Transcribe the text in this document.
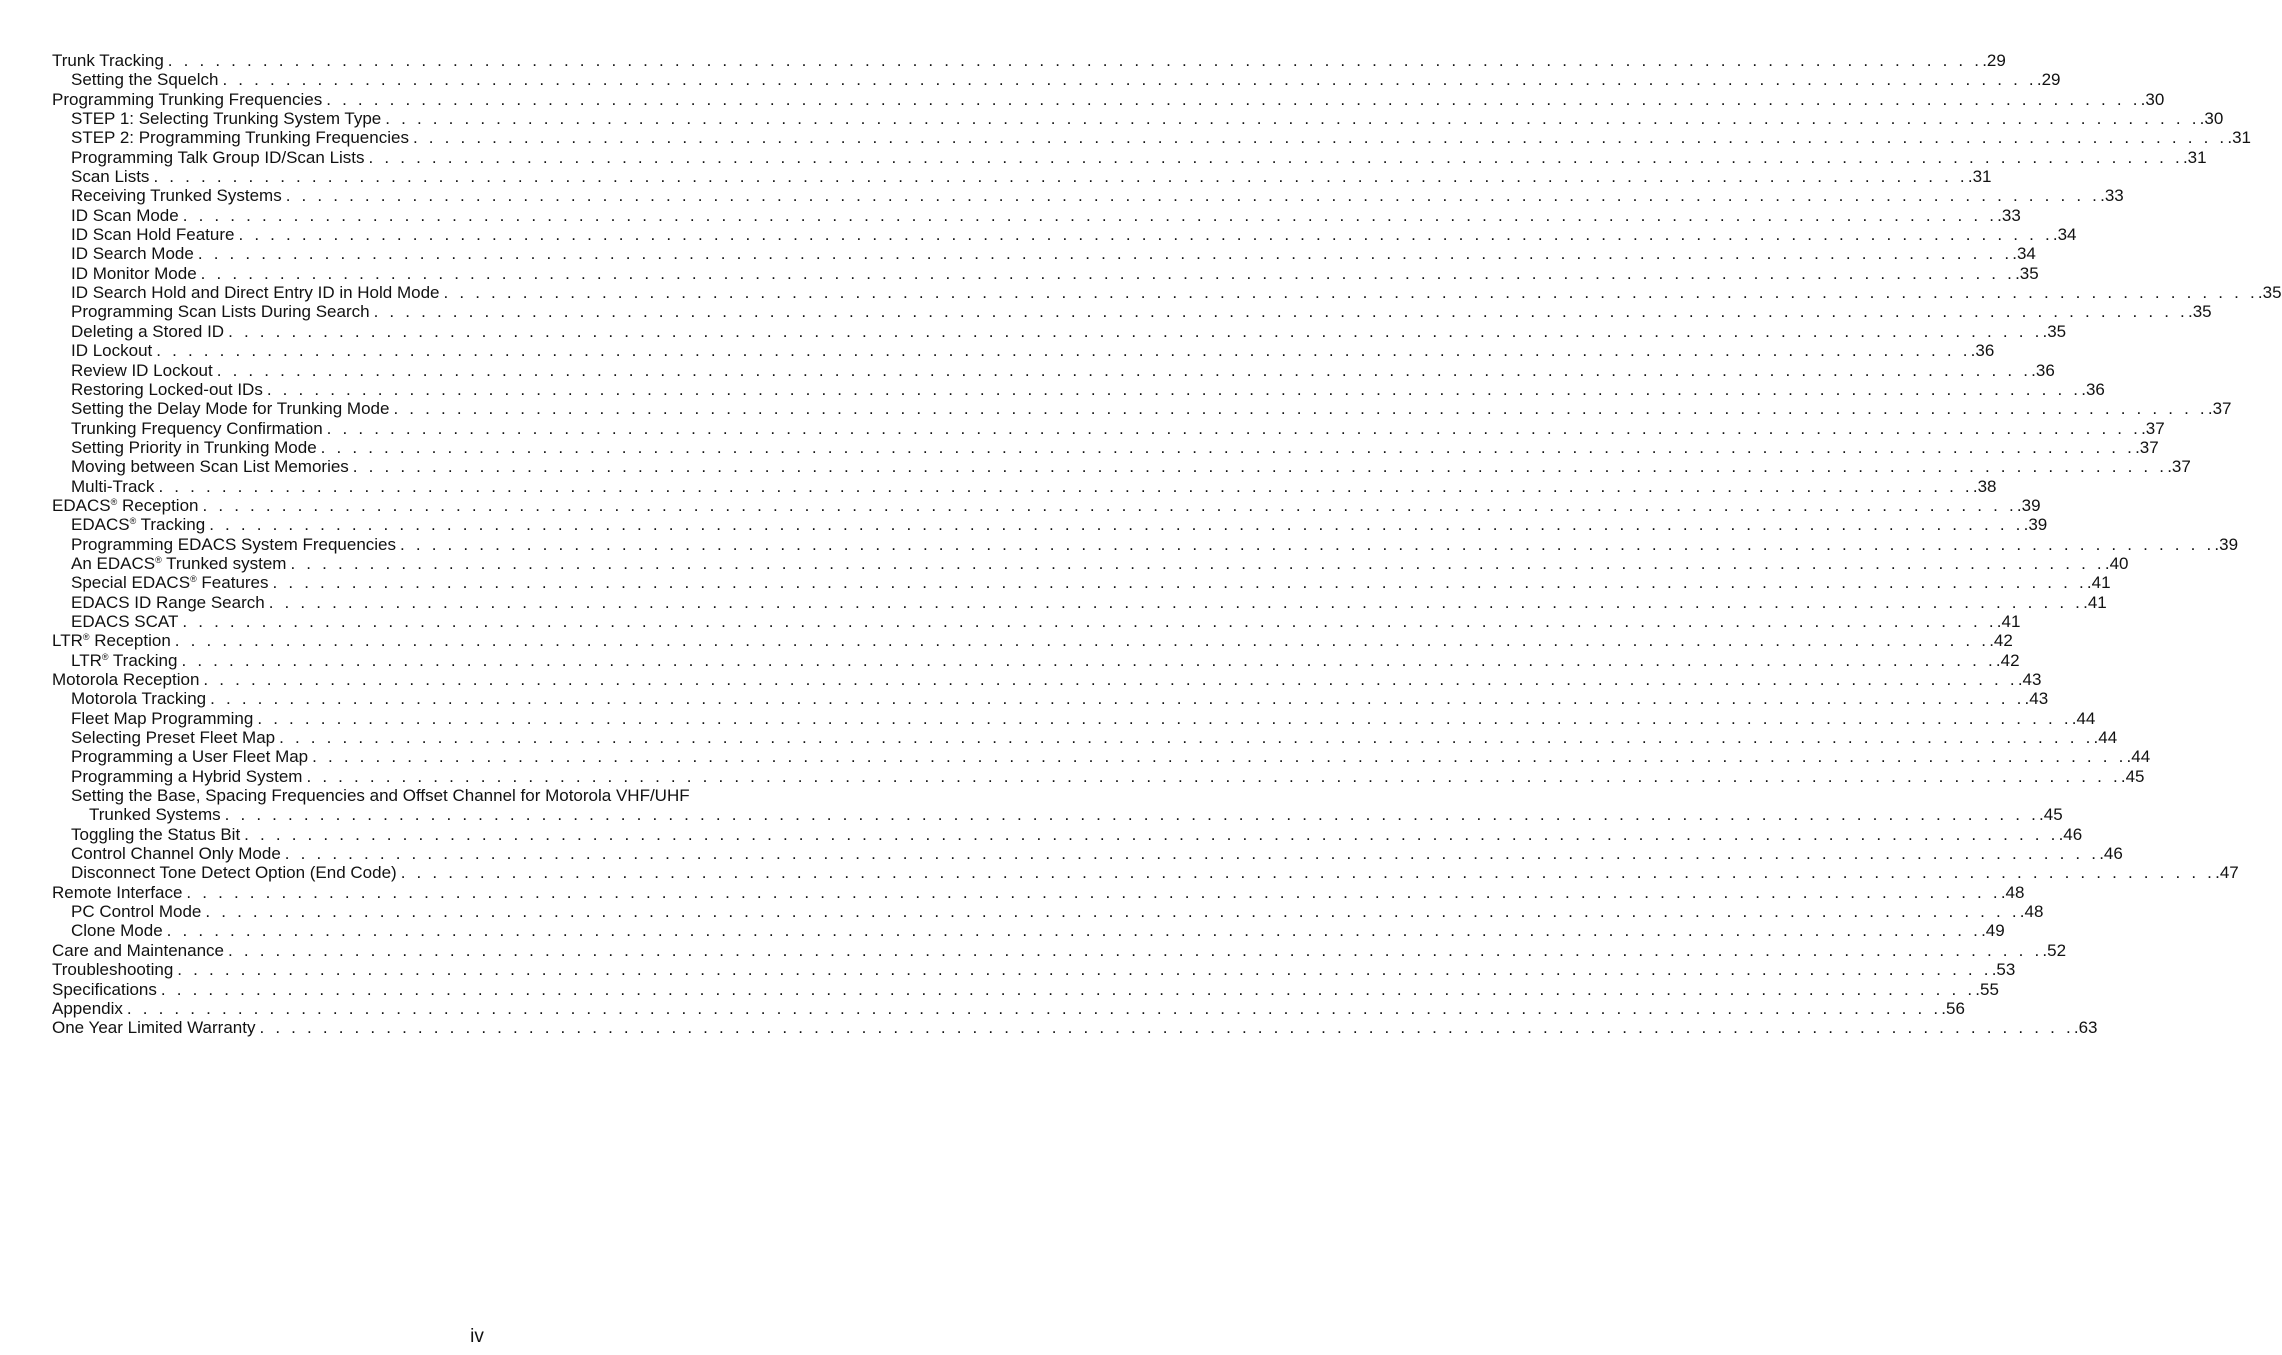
Trunk Tracking . . . . . . . . . . . . . . . . . . . . . . . . . . . . . . . . . . . . . . . . . . . . . . . . . . . . . . . . . . . . . . . . . . . . . . . . . . . . . . . . . . . . . . . . . . . . . . . . . . . . . . . . . . . . . . . . . . . .29
Setting the Squelch . . . . . . . . . . . . . . . . . . . . . . . . . . . . . . . . . . . . . . . . . . . . . . . . . . . . . . . . . . . . . . . . . . . . . . . . . . . . . . . . . . . . . . . . . . . . . . . . . . . . . . . . . . . . . . . . . . . .29
Programming Trunking Frequencies . . . . . . . . . . . . . . . . . . . . . . . . . . . . . . . . . . . . . . . . . . . . . . . . . . . . . . . . . . . . . . . . . . . . . . . . . . . . . . . . . . . . . . . . . . . . . . . . . . . . . . . . . . . . . . . . . . . .30
STEP 1: Selecting Trunking System Type . . . . . . . . . . . . . . . . . . . . . . . . . . . . . . . . . . . . . . . . . . . . . . . . . . . . . . . . . . . . . . . . . . . . . . . . . . . . . . . . . . . . . . . . . . . . . . . . . . . . . . . . . . . . . . . . . . . .30
STEP 2: Programming Trunking Frequencies . . . . . . . . . . . . . . . . . . . . . . . . . . . . . . . . . . . . . . . . . . . . . . . . . . . . . . . . . . . . . . . . . . . . . . . . . . . . . . . . . . . . . . . . . . . . . . . . . . . . . . . . . . . . . . . . . . . .31
Programming Talk Group ID/Scan Lists . . . . . . . . . . . . . . . . . . . . . . . . . . . . . . . . . . . . . . . . . . . . . . . . . . . . . . . . . . . . . . . . . . . . . . . . . . . . . . . . . . . . . . . . . . . . . . . . . . . . . . . . . . . . . . . . . . . .31
Scan Lists . . . . . . . . . . . . . . . . . . . . . . . . . . . . . . . . . . . . . . . . . . . . . . . . . . . . . . . . . . . . . . . . . . . . . . . . . . . . . . . . . . . . . . . . . . . . . . . . . . . . . . . . . . . . . . . . . . . .31
Receiving Trunked Systems . . . . . . . . . . . . . . . . . . . . . . . . . . . . . . . . . . . . . . . . . . . . . . . . . . . . . . . . . . . . . . . . . . . . . . . . . . . . . . . . . . . . . . . . . . . . . . . . . . . . . . . . . . . . . . . . . . . .33
ID Scan Mode . . . . . . . . . . . . . . . . . . . . . . . . . . . . . . . . . . . . . . . . . . . . . . . . . . . . . . . . . . . . . . . . . . . . . . . . . . . . . . . . . . . . . . . . . . . . . . . . . . . . . . . . . . . . . . . . . . . .33
ID Scan Hold Feature . . . . . . . . . . . . . . . . . . . . . . . . . . . . . . . . . . . . . . . . . . . . . . . . . . . . . . . . . . . . . . . . . . . . . . . . . . . . . . . . . . . . . . . . . . . . . . . . . . . . . . . . . . . . . . . . . . . .34
ID Search Mode . . . . . . . . . . . . . . . . . . . . . . . . . . . . . . . . . . . . . . . . . . . . . . . . . . . . . . . . . . . . . . . . . . . . . . . . . . . . . . . . . . . . . . . . . . . . . . . . . . . . . . . . . . . . . . . . . . . .34
ID Monitor Mode . . . . . . . . . . . . . . . . . . . . . . . . . . . . . . . . . . . . . . . . . . . . . . . . . . . . . . . . . . . . . . . . . . . . . . . . . . . . . . . . . . . . . . . . . . . . . . . . . . . . . . . . . . . . . . . . . . . .35
ID Search Hold and Direct Entry ID in Hold Mode . . . . . . . . . . . . . . . . . . . . . . . . . . . . . . . . . . . . . . . . . . . . . . . . . . . . . . . . . . . . . . . . . . . . . . . . . . . . . . . . . . . . . . . . . . . . . . . . . . . . . . . . . . . . . . . . . . . .35
Programming Scan Lists During Search . . . . . . . . . . . . . . . . . . . . . . . . . . . . . . . . . . . . . . . . . . . . . . . . . . . . . . . . . . . . . . . . . . . . . . . . . . . . . . . . . . . . . . . . . . . . . . . . . . . . . . . . . . . . . . . . . . . .35
Deleting a Stored ID . . . . . . . . . . . . . . . . . . . . . . . . . . . . . . . . . . . . . . . . . . . . . . . . . . . . . . . . . . . . . . . . . . . . . . . . . . . . . . . . . . . . . . . . . . . . . . . . . . . . . . . . . . . . . . . . . . . .35
ID Lockout . . . . . . . . . . . . . . . . . . . . . . . . . . . . . . . . . . . . . . . . . . . . . . . . . . . . . . . . . . . . . . . . . . . . . . . . . . . . . . . . . . . . . . . . . . . . . . . . . . . . . . . . . . . . . . . . . . . .36
Review ID Lockout . . . . . . . . . . . . . . . . . . . . . . . . . . . . . . . . . . . . . . . . . . . . . . . . . . . . . . . . . . . . . . . . . . . . . . . . . . . . . . . . . . . . . . . . . . . . . . . . . . . . . . . . . . . . . . . . . . . .36
Restoring Locked-out IDs . . . . . . . . . . . . . . . . . . . . . . . . . . . . . . . . . . . . . . . . . . . . . . . . . . . . . . . . . . . . . . . . . . . . . . . . . . . . . . . . . . . . . . . . . . . . . . . . . . . . . . . . . . . . . . . . . . . .36
Setting the Delay Mode for Trunking Mode . . . . . . . . . . . . . . . . . . . . . . . . . . . . . . . . . . . . . . . . . . . . . . . . . . . . . . . . . . . . . . . . . . . . . . . . . . . . . . . . . . . . . . . . . . . . . . . . . . . . . . . . . . . . . . . . . . . .37
Trunking Frequency Confirmation . . . . . . . . . . . . . . . . . . . . . . . . . . . . . . . . . . . . . . . . . . . . . . . . . . . . . . . . . . . . . . . . . . . . . . . . . . . . . . . . . . . . . . . . . . . . . . . . . . . . . . . . . . . . . . . . . . . .37
Setting Priority in Trunking Mode . . . . . . . . . . . . . . . . . . . . . . . . . . . . . . . . . . . . . . . . . . . . . . . . . . . . . . . . . . . . . . . . . . . . . . . . . . . . . . . . . . . . . . . . . . . . . . . . . . . . . . . . . . . . . . . . . . . .37
Moving between Scan List Memories . . . . . . . . . . . . . . . . . . . . . . . . . . . . . . . . . . . . . . . . . . . . . . . . . . . . . . . . . . . . . . . . . . . . . . . . . . . . . . . . . . . . . . . . . . . . . . . . . . . . . . . . . . . . . . . . . . . .37
Multi-Track . . . . . . . . . . . . . . . . . . . . . . . . . . . . . . . . . . . . . . . . . . . . . . . . . . . . . . . . . . . . . . . . . . . . . . . . . . . . . . . . . . . . . . . . . . . . . . . . . . . . . . . . . . . . . . . . . . . .38
EDACS® Reception . . . . . . . . . . . . . . . . . . . . . . . . . . . . . . . . . . . . . . . . . . . . . . . . . . . . . . . . . . . . . . . . . . . . . . . . . . . . . . . . . . . . . . . . . . . . . . . . . . . . . . . . . . . . . . . . . . . .39
EDACS® Tracking . . . . . . . . . . . . . . . . . . . . . . . . . . . . . . . . . . . . . . . . . . . . . . . . . . . . . . . . . . . . . . . . . . . . . . . . . . . . . . . . . . . . . . . . . . . . . . . . . . . . . . . . . . . . . . . . . . . .39
Programming EDACS System Frequencies . . . . . . . . . . . . . . . . . . . . . . . . . . . . . . . . . . . . . . . . . . . . . . . . . . . . . . . . . . . . . . . . . . . . . . . . . . . . . . . . . . . . . . . . . . . . . . . . . . . . . . . . . . . . . . . . . . . .39
An EDACS® Trunked system . . . . . . . . . . . . . . . . . . . . . . . . . . . . . . . . . . . . . . . . . . . . . . . . . . . . . . . . . . . . . . . . . . . . . . . . . . . . . . . . . . . . . . . . . . . . . . . . . . . . . . . . . . . . . . . . . . . .40
Special EDACS® Features . . . . . . . . . . . . . . . . . . . . . . . . . . . . . . . . . . . . . . . . . . . . . . . . . . . . . . . . . . . . . . . . . . . . . . . . . . . . . . . . . . . . . . . . . . . . . . . . . . . . . . . . . . . . . . . . . . . .41
EDACS ID Range Search . . . . . . . . . . . . . . . . . . . . . . . . . . . . . . . . . . . . . . . . . . . . . . . . . . . . . . . . . . . . . . . . . . . . . . . . . . . . . . . . . . . . . . . . . . . . . . . . . . . . . . . . . . . . . . . . . . . .41
EDACS SCAT . . . . . . . . . . . . . . . . . . . . . . . . . . . . . . . . . . . . . . . . . . . . . . . . . . . . . . . . . . . . . . . . . . . . . . . . . . . . . . . . . . . . . . . . . . . . . . . . . . . . . . . . . . . . . . . . . . . .41
LTR® Reception . . . . . . . . . . . . . . . . . . . . . . . . . . . . . . . . . . . . . . . . . . . . . . . . . . . . . . . . . . . . . . . . . . . . . . . . . . . . . . . . . . . . . . . . . . . . . . . . . . . . . . . . . . . . . . . . . . . .42
LTR® Tracking . . . . . . . . . . . . . . . . . . . . . . . . . . . . . . . . . . . . . . . . . . . . . . . . . . . . . . . . . . . . . . . . . . . . . . . . . . . . . . . . . . . . . . . . . . . . . . . . . . . . . . . . . . . . . . . . . . . .42
Motorola Reception . . . . . . . . . . . . . . . . . . . . . . . . . . . . . . . . . . . . . . . . . . . . . . . . . . . . . . . . . . . . . . . . . . . . . . . . . . . . . . . . . . . . . . . . . . . . . . . . . . . . . . . . . . . . . . . . . . . .43
Motorola Tracking . . . . . . . . . . . . . . . . . . . . . . . . . . . . . . . . . . . . . . . . . . . . . . . . . . . . . . . . . . . . . . . . . . . . . . . . . . . . . . . . . . . . . . . . . . . . . . . . . . . . . . . . . . . . . . . . . . . .43
Fleet Map Programming . . . . . . . . . . . . . . . . . . . . . . . . . . . . . . . . . . . . . . . . . . . . . . . . . . . . . . . . . . . . . . . . . . . . . . . . . . . . . . . . . . . . . . . . . . . . . . . . . . . . . . . . . . . . . . . . . . . .44
Selecting Preset Fleet Map . . . . . . . . . . . . . . . . . . . . . . . . . . . . . . . . . . . . . . . . . . . . . . . . . . . . . . . . . . . . . . . . . . . . . . . . . . . . . . . . . . . . . . . . . . . . . . . . . . . . . . . . . . . . . . . . . . . .44
Programming a User Fleet Map . . . . . . . . . . . . . . . . . . . . . . . . . . . . . . . . . . . . . . . . . . . . . . . . . . . . . . . . . . . . . . . . . . . . . . . . . . . . . . . . . . . . . . . . . . . . . . . . . . . . . . . . . . . . . . . . . . . .44
Programming a Hybrid System . . . . . . . . . . . . . . . . . . . . . . . . . . . . . . . . . . . . . . . . . . . . . . . . . . . . . . . . . . . . . . . . . . . . . . . . . . . . . . . . . . . . . . . . . . . . . . . . . . . . . . . . . . . . . . . . . . . .45
Setting the Base, Spacing Frequencies and Offset Channel for Motorola VHF/UHF
Trunked Systems . . . . . . . . . . . . . . . . . . . . . . . . . . . . . . . . . . . . . . . . . . . . . . . . . . . . . . . . . . . . . . . . . . . . . . . . . . . . . . . . . . . . . . . . . . . . . . . . . . . . . . . . . . . . . . . . . . . .45
Toggling the Status Bit . . . . . . . . . . . . . . . . . . . . . . . . . . . . . . . . . . . . . . . . . . . . . . . . . . . . . . . . . . . . . . . . . . . . . . . . . . . . . . . . . . . . . . . . . . . . . . . . . . . . . . . . . . . . . . . . . . . .46
Control Channel Only Mode . . . . . . . . . . . . . . . . . . . . . . . . . . . . . . . . . . . . . . . . . . . . . . . . . . . . . . . . . . . . . . . . . . . . . . . . . . . . . . . . . . . . . . . . . . . . . . . . . . . . . . . . . . . . . . . . . . . .46
Disconnect Tone Detect Option (End Code) . . . . . . . . . . . . . . . . . . . . . . . . . . . . . . . . . . . . . . . . . . . . . . . . . . . . . . . . . . . . . . . . . . . . . . . . . . . . . . . . . . . . . . . . . . . . . . . . . . . . . . . . . . . . . . . . . . . .47
Remote Interface . . . . . . . . . . . . . . . . . . . . . . . . . . . . . . . . . . . . . . . . . . . . . . . . . . . . . . . . . . . . . . . . . . . . . . . . . . . . . . . . . . . . . . . . . . . . . . . . . . . . . . . . . . . . . . . . . . . .48
PC Control Mode . . . . . . . . . . . . . . . . . . . . . . . . . . . . . . . . . . . . . . . . . . . . . . . . . . . . . . . . . . . . . . . . . . . . . . . . . . . . . . . . . . . . . . . . . . . . . . . . . . . . . . . . . . . . . . . . . . . .48
Clone Mode . . . . . . . . . . . . . . . . . . . . . . . . . . . . . . . . . . . . . . . . . . . . . . . . . . . . . . . . . . . . . . . . . . . . . . . . . . . . . . . . . . . . . . . . . . . . . . . . . . . . . . . . . . . . . . . . . . . .49
Care and Maintenance . . . . . . . . . . . . . . . . . . . . . . . . . . . . . . . . . . . . . . . . . . . . . . . . . . . . . . . . . . . . . . . . . . . . . . . . . . . . . . . . . . . . . . . . . . . . . . . . . . . . . . . . . . . . . . . . . . . .52
Troubleshooting . . . . . . . . . . . . . . . . . . . . . . . . . . . . . . . . . . . . . . . . . . . . . . . . . . . . . . . . . . . . . . . . . . . . . . . . . . . . . . . . . . . . . . . . . . . . . . . . . . . . . . . . . . . . . . . . . . . .53
Specifications . . . . . . . . . . . . . . . . . . . . . . . . . . . . . . . . . . . . . . . . . . . . . . . . . . . . . . . . . . . . . . . . . . . . . . . . . . . . . . . . . . . . . . . . . . . . . . . . . . . . . . . . . . . . . . . . . . . .55
Appendix . . . . . . . . . . . . . . . . . . . . . . . . . . . . . . . . . . . . . . . . . . . . . . . . . . . . . . . . . . . . . . . . . . . . . . . . . . . . . . . . . . . . . . . . . . . . . . . . . . . . . . . . . . . . . . . . . . . .56
One Year Limited Warranty . . . . . . . . . . . . . . . . . . . . . . . . . . . . . . . . . . . . . . . . . . . . . . . . . . . . . . . . . . . . . . . . . . . . . . . . . . . . . . . . . . . . . . . . . . . . . . . . . . . . . . . . . . . . . . . . . . . .63
iv
